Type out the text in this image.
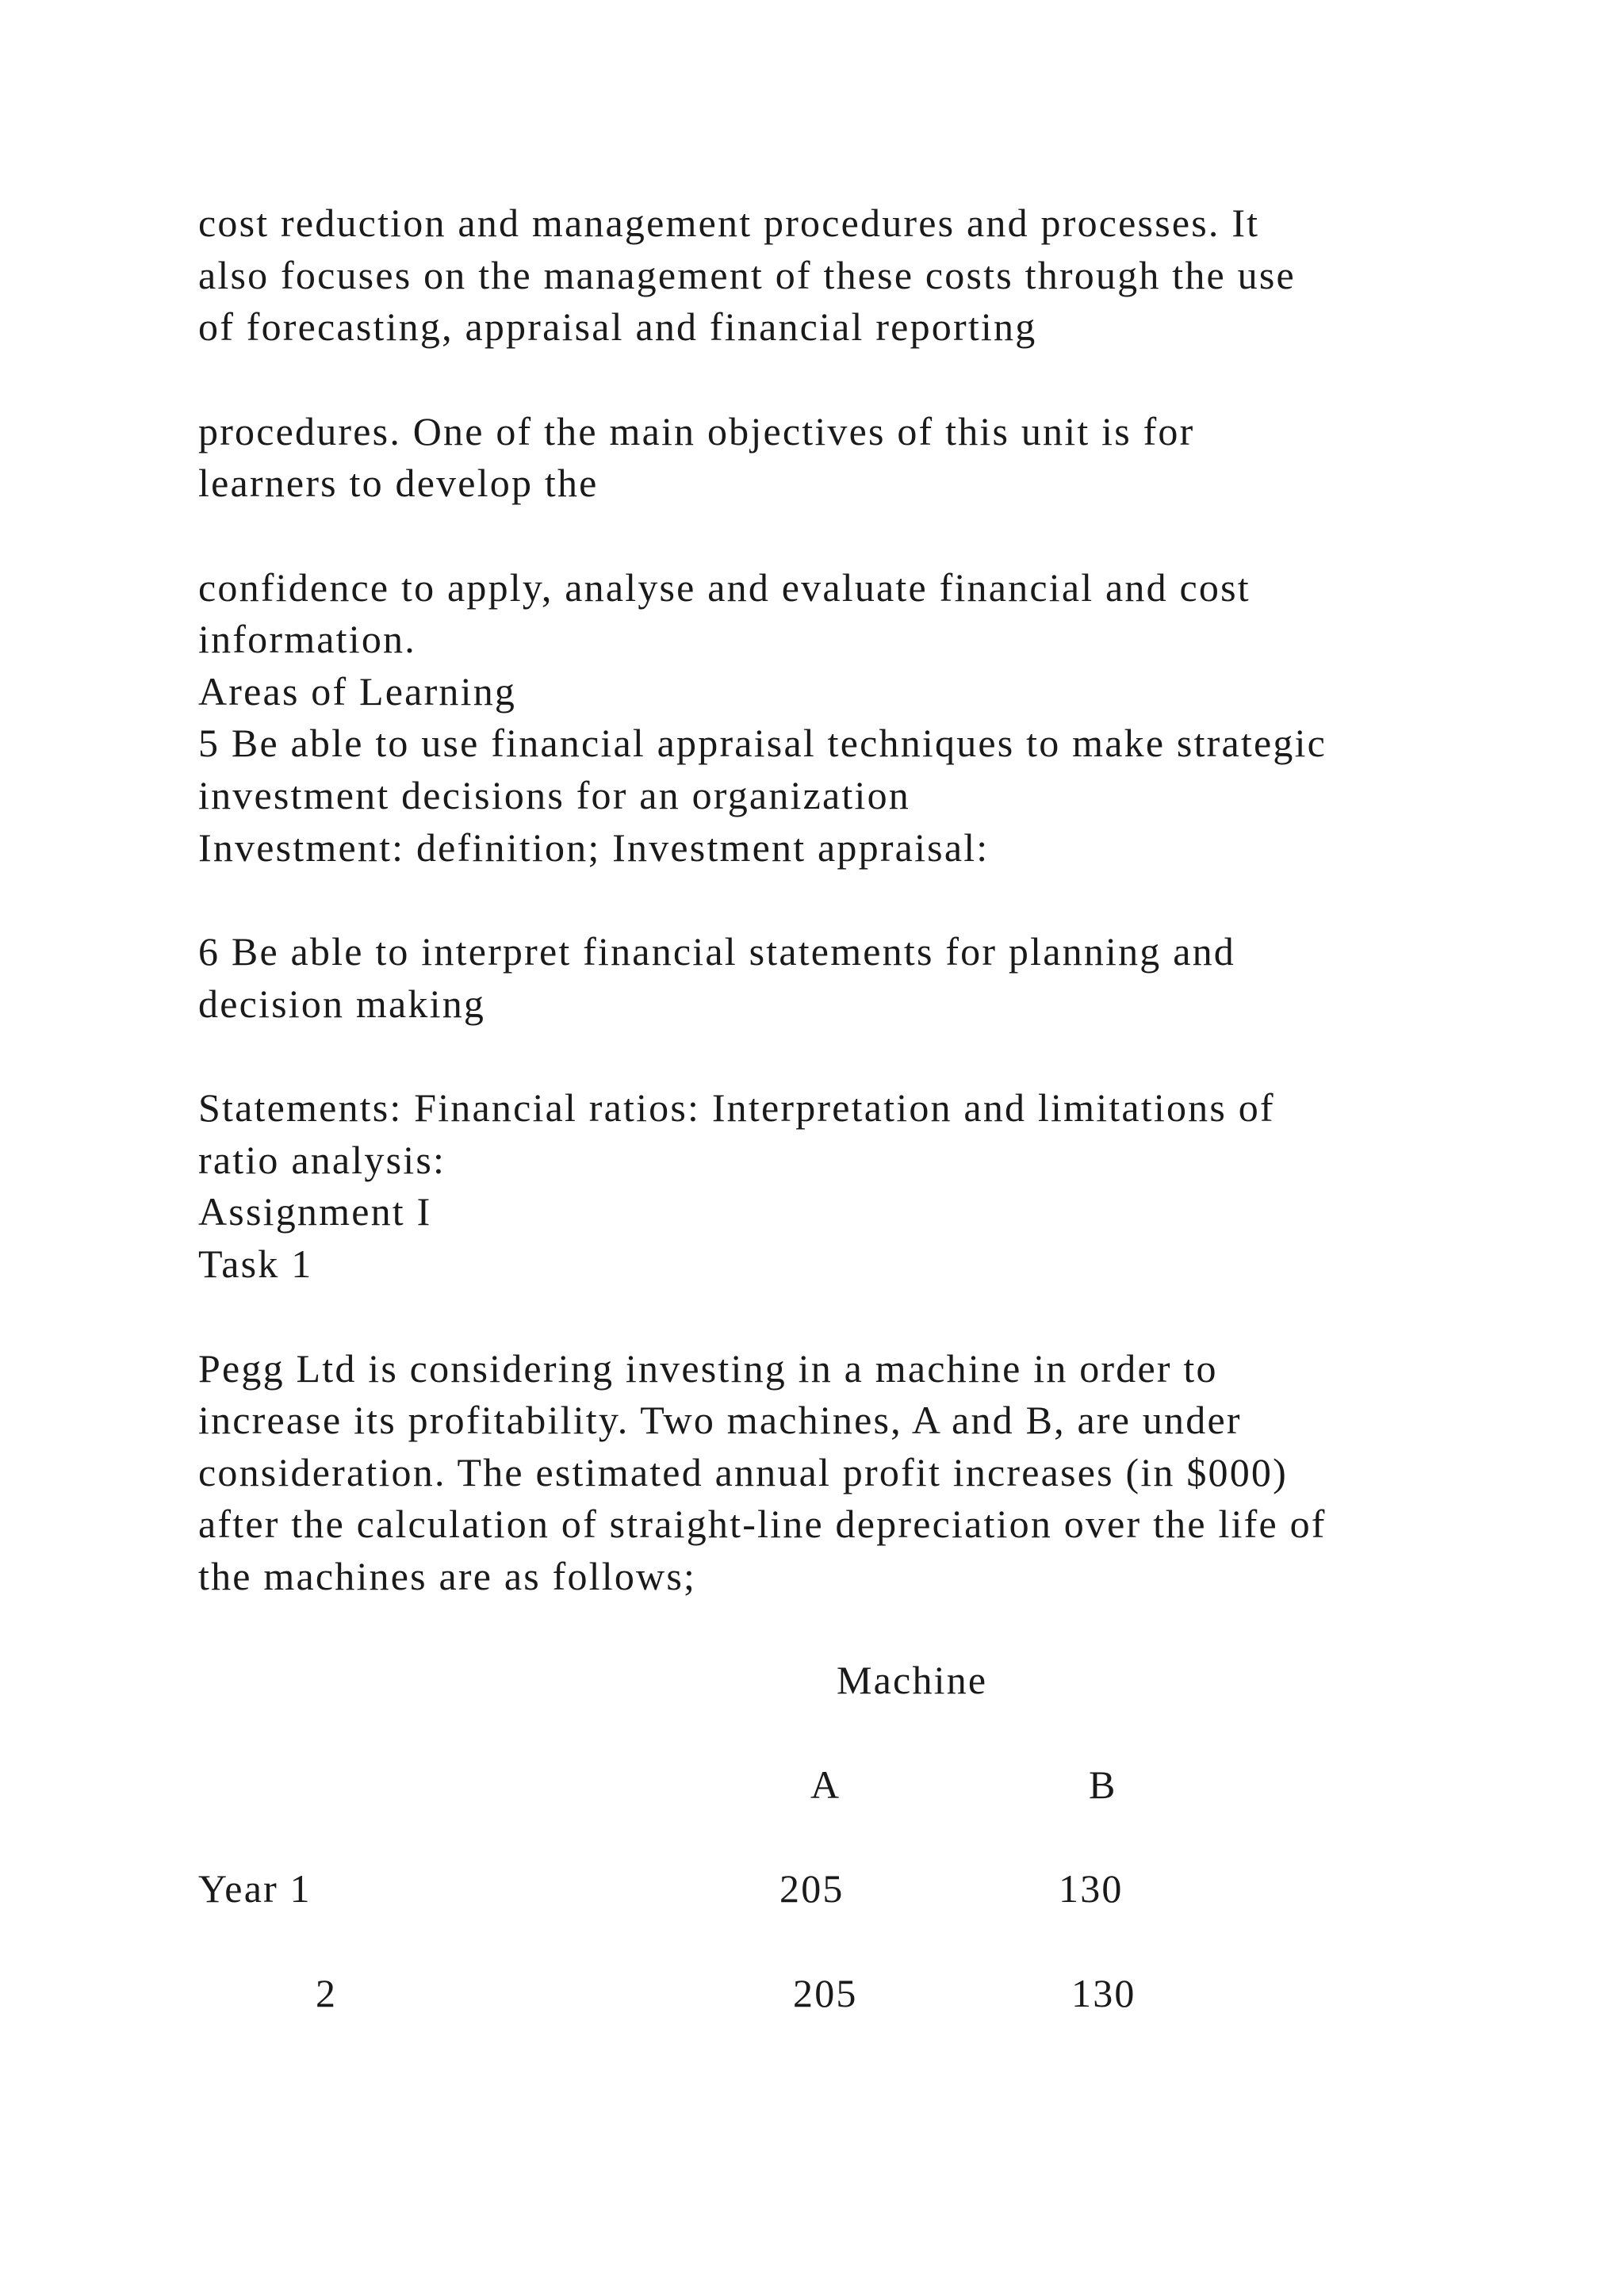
cost reduction and management procedures and processes. It
also focuses on the management of these costs through the use
of forecasting, appraisal and financial reporting
procedures. One of the main objectives of this unit is for
learners to develop the
confidence to apply, analyse and evaluate financial and cost
information.
Areas of Learning
5 Be able to use financial appraisal techniques to make strategic
investment decisions for an organization
Investment: definition; Investment appraisal:
6 Be able to interpret financial statements for planning and
decision making
Statements: Financial ratios: Interpretation and limitations of
ratio analysis:
Assignment I
Task 1
Pegg Ltd is considering investing in a machine in order to
increase its profitability. Two machines, A and B, are under
consideration. The estimated annual profit increases (in $000)
after the calculation of straight-line depreciation over the life of
the machines are as follows;
Machine
A	B
Year 1	205	130
2	205	130
